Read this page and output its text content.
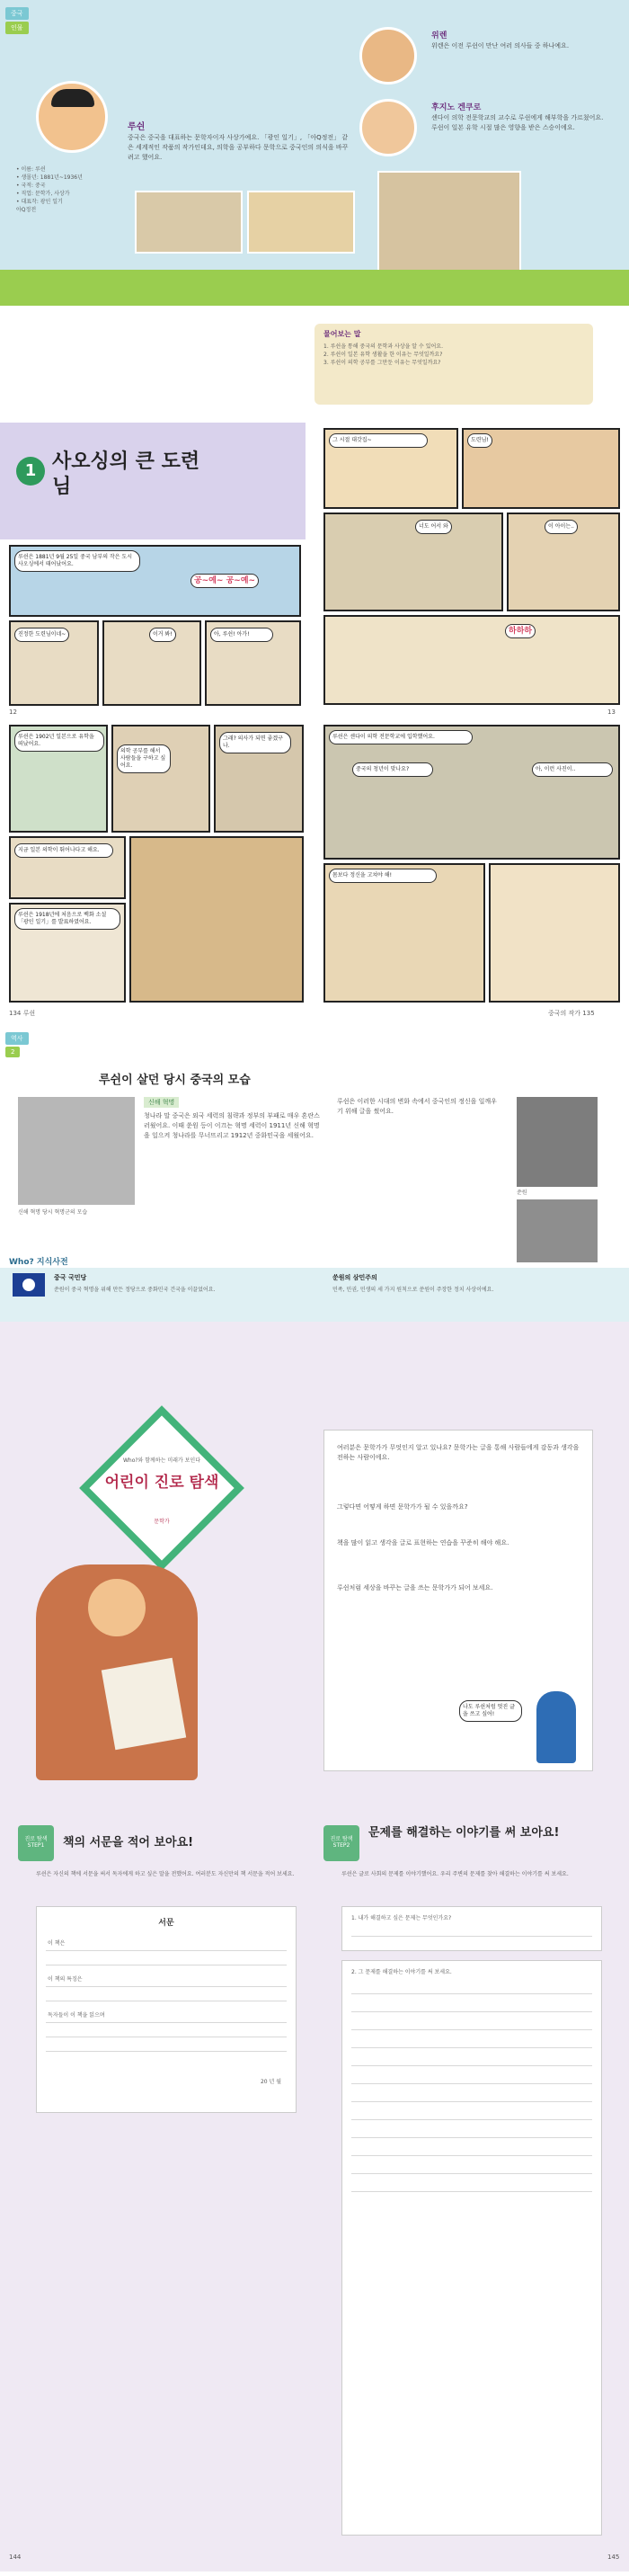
중국
인물
루쉰
중국은 중국을 대표하는 문학자이자 사상가예요. 「광인 일기」, 「아Q정전」 같은 세계적인 작품의 작가인데요, 의학을 공부하다 문학으로 중국인의 의식을 바꾸려고 했어요.
• 이름: 루쉰
• 생몰년: 1881년~1936년
• 국적: 중국
• 직업: 문학가, 사상가
• 대표작: 광인 일기
아Q정전
위렌
위렌은 이전 루쉰이 만난 여러 의사들 중 하나예요.
후지노 겐쿠로
센다이 의학 전문학교의 교수로 루쉰에게 해부학을 가르쳤어요. 루쉰이 일본 유학 시절 많은 영향을 받은 스승이에요.
물어보는 말
1. 루쉰을 통해 중국의 문학과 사상을 알 수 있어요.
2. 루쉰이 일본 유학 생활을 한 이유는 무엇일까요?
3. 루쉰이 의학 공부를 그만둔 이유는 무엇일까요?
1 사오싱의 큰 도련님
루쉰은 1881년 9월 25일 중국 남부의 작은 도시 사오싱에서 태어났어요.
공~예~ 공~예~
진정한 도련님이네~	이거 봐!	아, 루쉰! 아가!
12
그 시절 대갓집~	도련님!
너도 어서 와	이 아이는..
하하하
13
루쉰은 1902년 일본으로 유학을 떠났어요.
의학 공부를 해서 사람들을 구하고 싶어요.
그래? 의사가 되면 좋겠구나.
지금 일본 의학이 뛰어나다고 해요.
루쉰은 1918년에 처음으로 백화 소설 「광인 일기」를 발표하였어요.
134 루쉰
루쉰은 센다이 의학 전문학교에 입학했어요.
중국의 청년이 맞나요?	아, 이런 사진이..
몸보다 정신을 고쳐야 해!
중국의 작가 135
역사
2
루쉰이 살던 당시 중국의 모습
신해 혁명 당시 혁명군의 모습
신해 혁명
청나라 말 중국은 외국 세력의 침략과 정부의 부패로 매우 혼란스러웠어요. 이때 쑨원 등이 이끄는 혁명 세력이 1911년 신해 혁명을 일으켜 청나라를 무너뜨리고 1912년 중화민국을 세웠어요.
루쉰은 이러한 시대의 변화 속에서 중국인의 정신을 일깨우기 위해 글을 썼어요.
쑨원
Who? 지식사전
중국 국민당
쑨원이 중국 혁명을 위해 만든 정당으로 중화민국 건국을 이끌었어요.
쑨원의 삼민주의
민족, 민권, 민생의 세 가지 원칙으로 쑨원이 주장한 정치 사상이에요.
Who?와 함께하는 미래가 보인다
어린이 진로 탐색
문학가
여러분은 문학가가 무엇인지 알고 있나요? 문학가는 글을 통해 사람들에게 감동과 생각을 전하는 사람이에요.
그렇다면 어떻게 하면 문학가가 될 수 있을까요?
책을 많이 읽고 생각을 글로 표현하는 연습을 꾸준히 해야 해요.
루쉰처럼 세상을 바꾸는 글을 쓰는 문학가가 되어 보세요.
나도 루쉰처럼 멋진 글을 쓰고 싶어!
진로 탐색 STEP1	책의 서문을 적어 보아요!
루쉰은 자신의 책에 서문을 써서 독자에게 하고 싶은 말을 전했어요. 여러분도 자신만의 책 서문을 적어 보세요.
서문
이 책은
이 책의 특징은
독자들이 이 책을 읽으며
20 년 월
144
진로 탐색 STEP2
문제를 해결하는 이야기를 써 보아요!
루쉰은 글로 사회의 문제를 이야기했어요. 우리 주변의 문제를 찾아 해결하는 이야기를 써 보세요.
1. 내가 해결하고 싶은 문제는 무엇인가요?
2. 그 문제를 해결하는 이야기를 써 보세요.
145
